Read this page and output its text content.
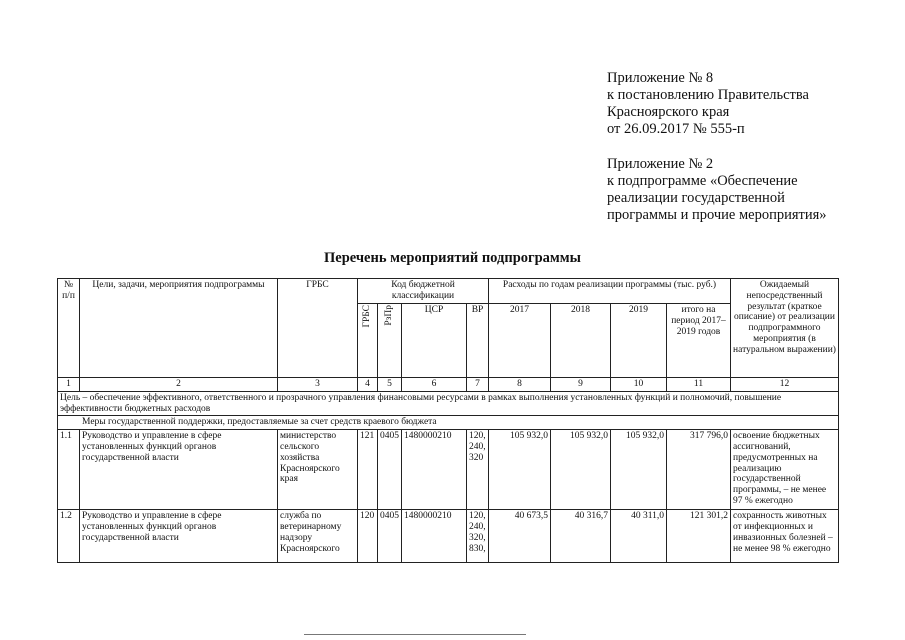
Приложение № 8
к постановлению Правительства
Красноярского края
от 26.09.2017 № 555-п
Приложение № 2
к подпрограмме «Обеспечение
реализации государственной
программы и прочие мероприятия»
Перечень мероприятий подпрограммы
№ п/п	Цели, задачи, мероприятия подпрограммы	ГРБС	Код бюджетной классификации				Расходы по годам реализации программы (тыс. руб.)				Ожидаемый непосредственный результат (краткое описание) от реализации подпрограммного мероприятия (в натуральном выражении)
			ГРБС	РзПр	ЦСР	ВР	2017	2018	2019	итого на период 2017–2019 годов	
1	2	3	4	5	6	7	8	9	10	11	12
Цель – обеспечение эффективного, ответственного и прозрачного управления финансовыми ресурсами в рамках выполнения установленных функций и полномочий, повышение эффективности бюджетных расходов											
Меры государственной поддержки, предоставляемые за счет средств краевого бюджета											
1.1	Руководство и управление в сфере установленных функций органов государственной власти	министерство сельского хозяйства Красноярского края	121	0405	1480000210	120, 240, 320	105 932,0	105 932,0	105 932,0	317 796,0	освоение бюджетных ассигнований, предусмотренных на реализацию государственной программы, – не менее 97 % ежегодно
1.2	Руководство и управление в сфере установленных функций органов государственной власти	служба по ветеринарному надзору Красноярского	120	0405	1480000210	120, 240, 320, 830,	40 673,5	40 316,7	40 311,0	121 301,2	сохранность животных от инфекционных и инвазионных болезней – не менее 98 % ежегодно
